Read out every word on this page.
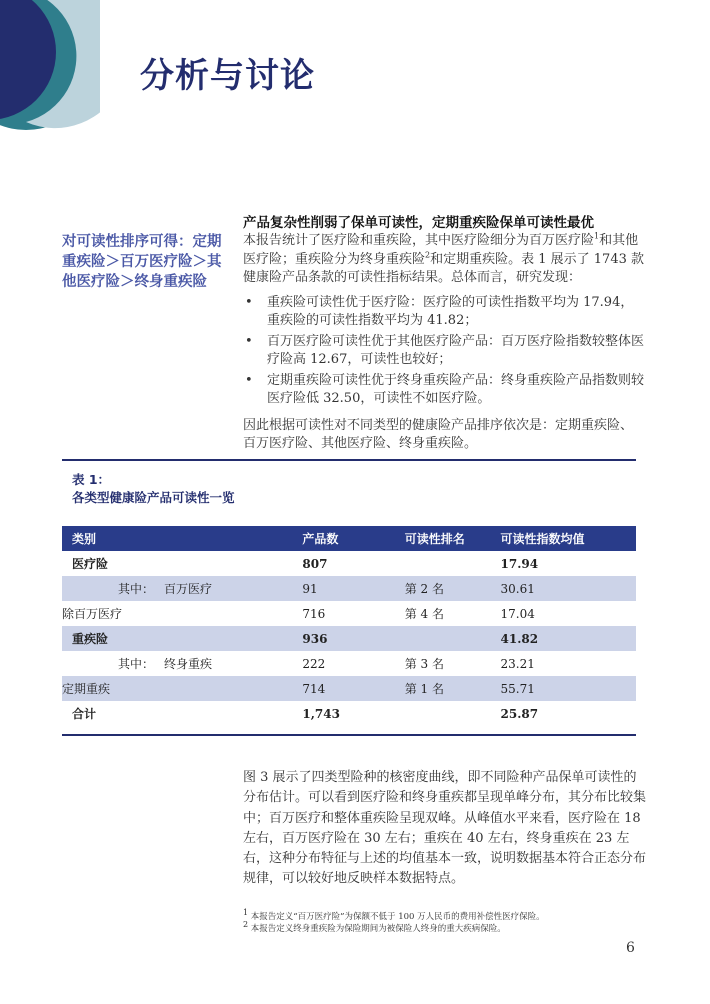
分析与讨论

对可读性排序可得：定期重疾险＞百万医疗险＞其他医疗险＞终身重疾险

产品复杂性削弱了保单可读性，定期重疾险保单可读性最优

本报告统计了医疗险和重疾险，其中医疗险细分为百万医疗险$^1$和其他医疗险；重疾险分为终身重疾险$^2$和定期重疾险。表 1 展示了 1743 款健康险产品条款的可读性指标结果。总体而言，研究发现：

• 重疾险可读性优于医疗险：医疗险的可读性指数平均为 17.94，重疾险的可读性指数平均为 41.82；
• 百万医疗险可读性优于其他医疗险产品：百万医疗险指数较整体医疗险高 12.67，可读性也较好；
• 定期重疾险可读性优于终身重疾险产品：终身重疾险产品指数则较医疗险低 32.50，可读性不如医疗险。

因此根据可读性对不同类型的健康险产品排序依次是：定期重疾险、百万医疗险、其他医疗险、终身重疾险。

表 1：
各类型健康险产品可读性一览

类别	产品数	可读性排名	可读性指数均值
医疗险	807		17.94
其中： 百万医疗	91	第 2 名	30.61
除百万医疗	716	第 4 名	17.04
重疾险	936		41.82
其中： 终身重疾	222	第 3 名	23.21
定期重疾	714	第 1 名	55.71
合计	1,743		25.87

图 3 展示了四类型险种的核密度曲线，即不同险种产品保单可读性的分布估计。可以看到医疗险和终身重疾都呈现单峰分布，其分布比较集中；百万医疗和整体重疾险呈现双峰。从峰值水平来看，医疗险在 18 左右，百万医疗险在 30 左右；重疾在 40 左右，终身重疾在 23 左右，这种分布特征与上述的均值基本一致，说明数据基本符合正态分布规律，可以较好地反映样本数据特点。

$^1$ 本报告定义“百万医疗险”为保额不低于 100 万人民币的费用补偿性医疗保险。

$^2$ 本报告定义终身重疾险为保险期间为被保险人终身的重大疾病保险。

6
